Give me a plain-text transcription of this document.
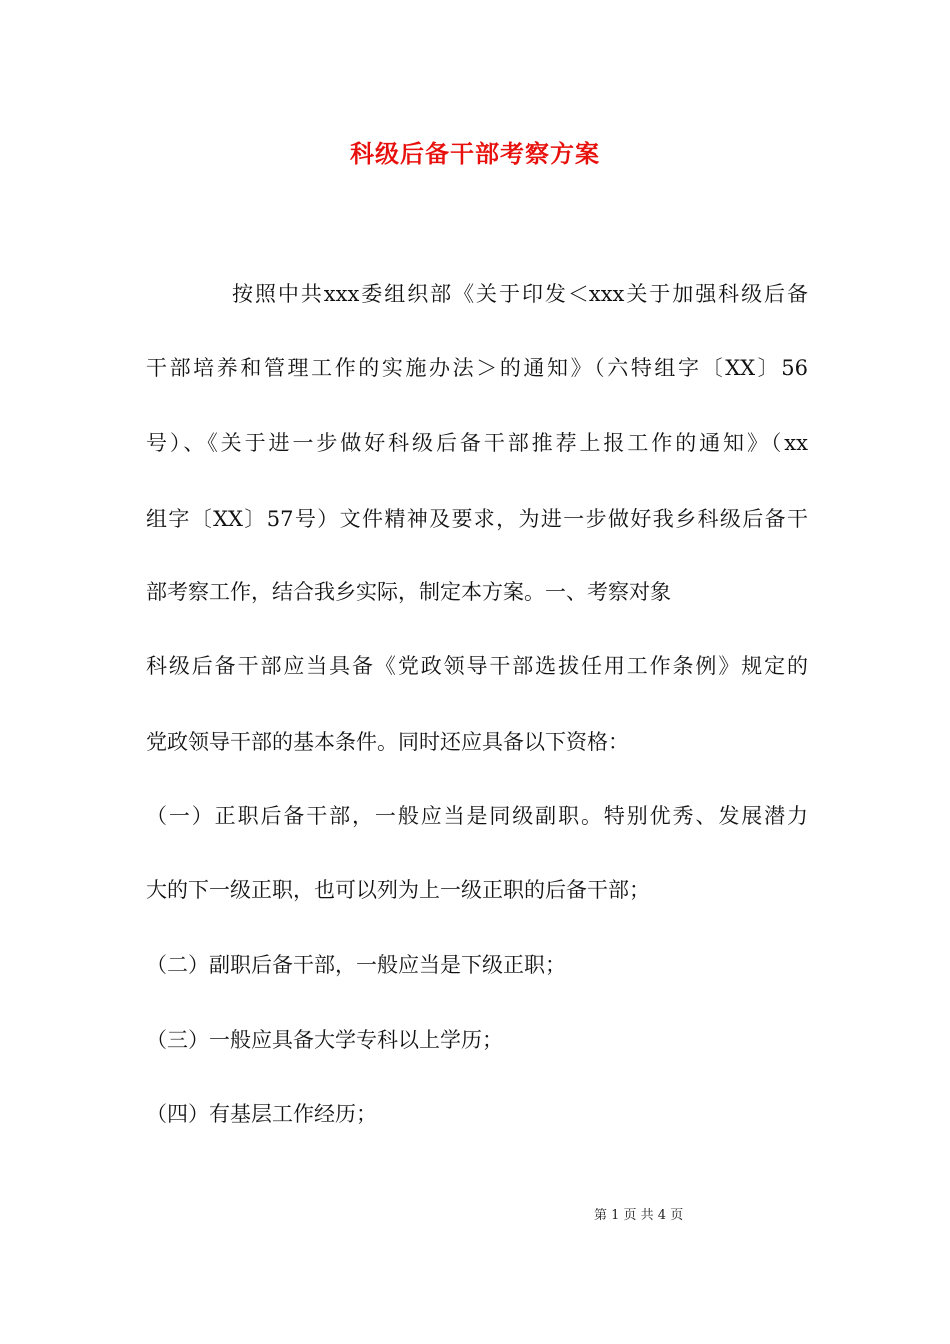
科级后备干部考察方案
按照中共xxx委组织部《关于印发＜xxx关于加强科级后备
干部培养和管理工作的实施办法＞的通知》（六特组字〔XX〕56
号）、《关于进一步做好科级后备干部推荐上报工作的通知》（xx
组字〔XX〕57号）文件精神及要求，为进一步做好我乡科级后备干
部考察工作，结合我乡实际，制定本方案。一、考察对象
科级后备干部应当具备《党政领导干部选拔任用工作条例》规定的
党政领导干部的基本条件。同时还应具备以下资格：
（一）正职后备干部，一般应当是同级副职。特别优秀、发展潜力
大的下一级正职，也可以列为上一级正职的后备干部；
（二）副职后备干部，一般应当是下级正职；
（三）一般应具备大学专科以上学历；
（四）有基层工作经历；
第 1 页 共 4 页
